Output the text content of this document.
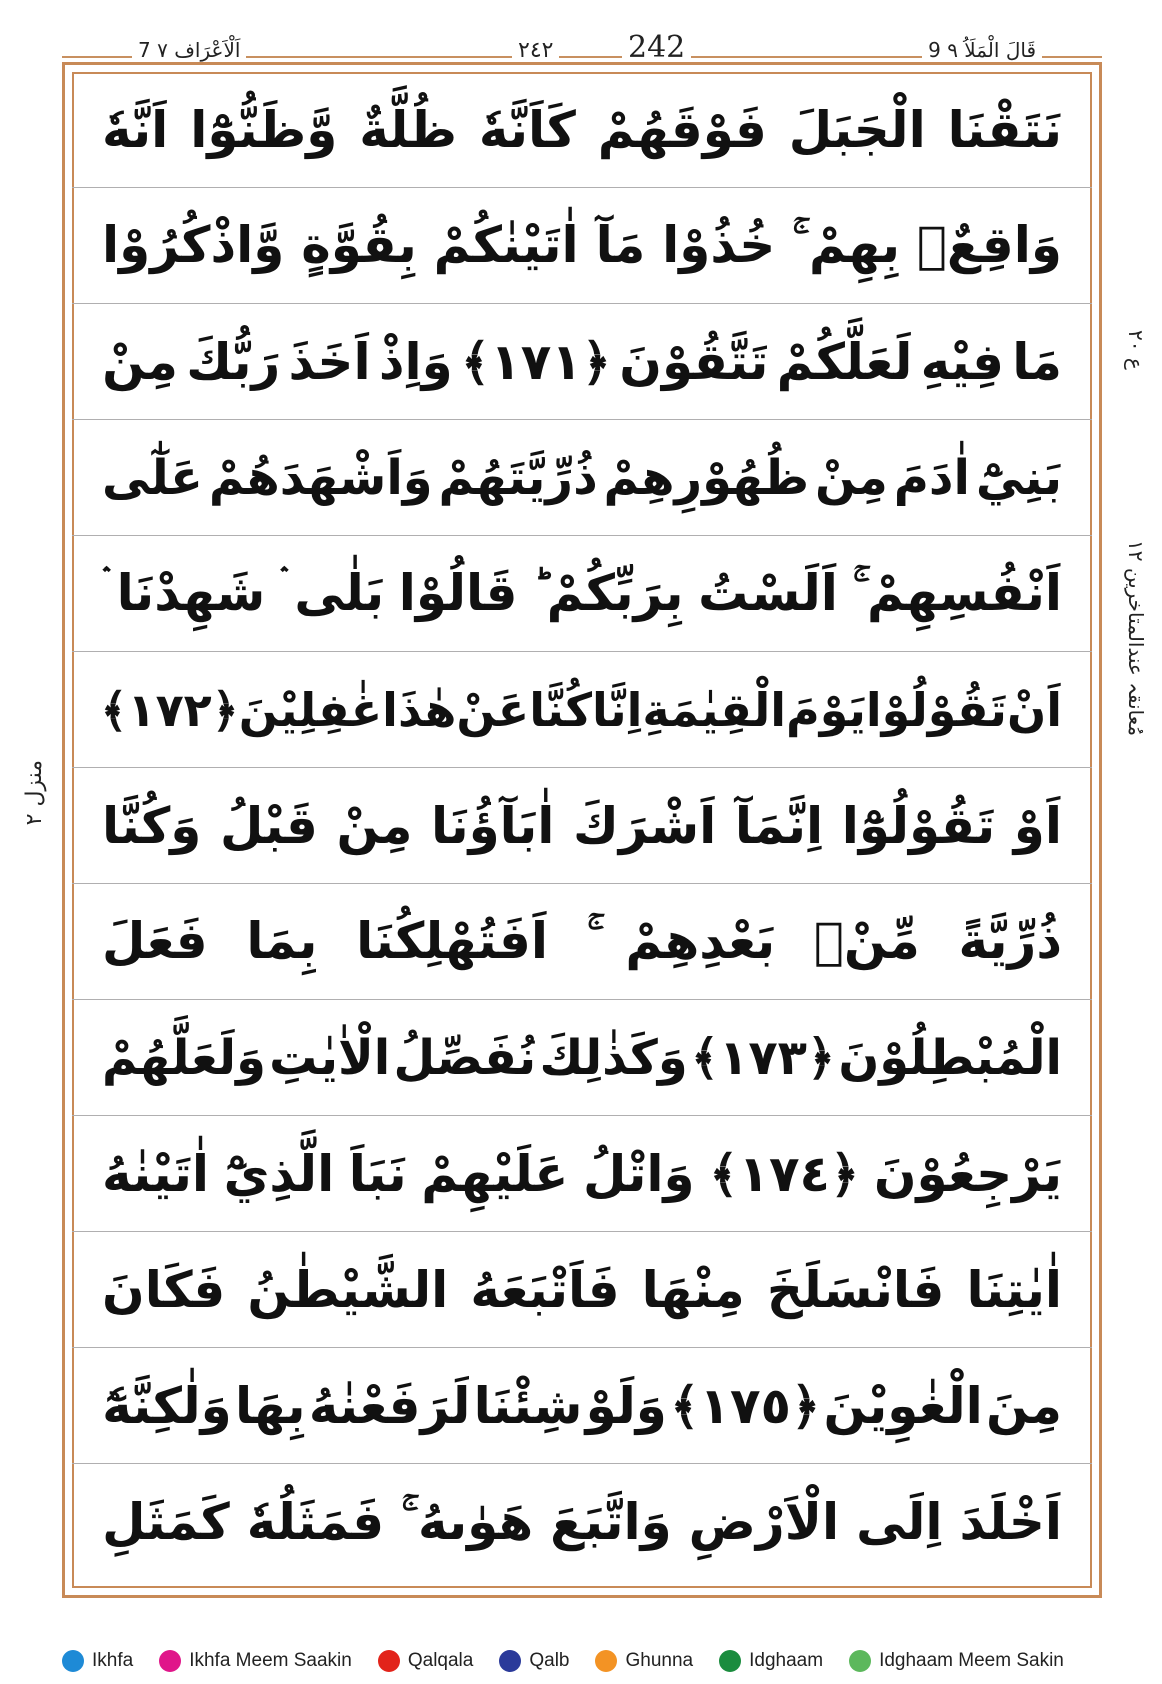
9 قَالَ الْمَلَاُ ٩
242
٢٤٢
7 اَلْاَعْرَاف ٧
نَتَقْنَا
الْجَبَلَ
فَوْقَهُمْ
كَاَنَّهٗ
ظُلَّةٌ
وَّظَنُّوْٓا
اَنَّهٗ
وَاقِعٌۢ
بِهِمْ
خُذُوْا
مَآ
اٰتَيْنٰكُمْ
بِقُوَّةٍ
وَّاذْكُرُوْا
مَا
فِيْهِ
لَعَلَّكُمْ
تَتَّقُوْنَ
﴿١٧١﴾
وَاِذْ
اَخَذَ
رَبُّكَ
مِنْ
بَنِيْٓ
اٰدَمَ
مِنْ
ظُهُوْرِهِمْ
ذُرِّيَّتَهُمْ
وَاَشْهَدَهُمْ
عَلٰٓى
اَنْفُسِهِمْ
اَلَسْتُ
بِرَبِّكُمْ
قَالُوْا
بَلٰى
شَهِدْنَا
اَنْ
تَقُوْلُوْا
يَوْمَ
الْقِيٰمَةِ
اِنَّا
كُنَّا
عَنْ
هٰذَا
غٰفِلِيْنَ
﴿١٧٢﴾
اَوْ
تَقُوْلُوْٓا
اِنَّمَآ
اَشْرَكَ
اٰبَآؤُنَا
مِنْ
قَبْلُ
وَكُنَّا
ذُرِّيَّةً
مِّنْۢ
بَعْدِهِمْ
اَفَتُهْلِكُنَا
بِمَا
فَعَلَ
الْمُبْطِلُوْنَ
﴿١٧٣﴾
وَكَذٰلِكَ
نُفَصِّلُ
الْاٰيٰتِ
وَلَعَلَّهُمْ
يَرْجِعُوْنَ
﴿١٧٤﴾
وَاتْلُ
عَلَيْهِمْ
نَبَاَ
الَّذِيْٓ
اٰتَيْنٰهُ
اٰيٰتِنَا
فَانْسَلَخَ
مِنْهَا
فَاَتْبَعَهُ
الشَّيْطٰنُ
فَكَانَ
مِنَ
الْغٰوِيْنَ
﴿١٧٥﴾
وَلَوْ
شِئْنَا
لَرَفَعْنٰهُ
بِهَا
وَلٰكِنَّهٗٓ
اَخْلَدَ
اِلَى
الْاَرْضِ
وَاتَّبَعَ
هَوٰىهُ
فَمَثَلُهٗ
كَمَثَلِ
ع ٢٠
مُعانقہ عندالمتاخرین ١٢
منزل ٢
Ikhfa	Ikhfa Meem Saakin	Qalqala	Qalb	Ghunna	Idghaam	Idghaam Meem Sakin
